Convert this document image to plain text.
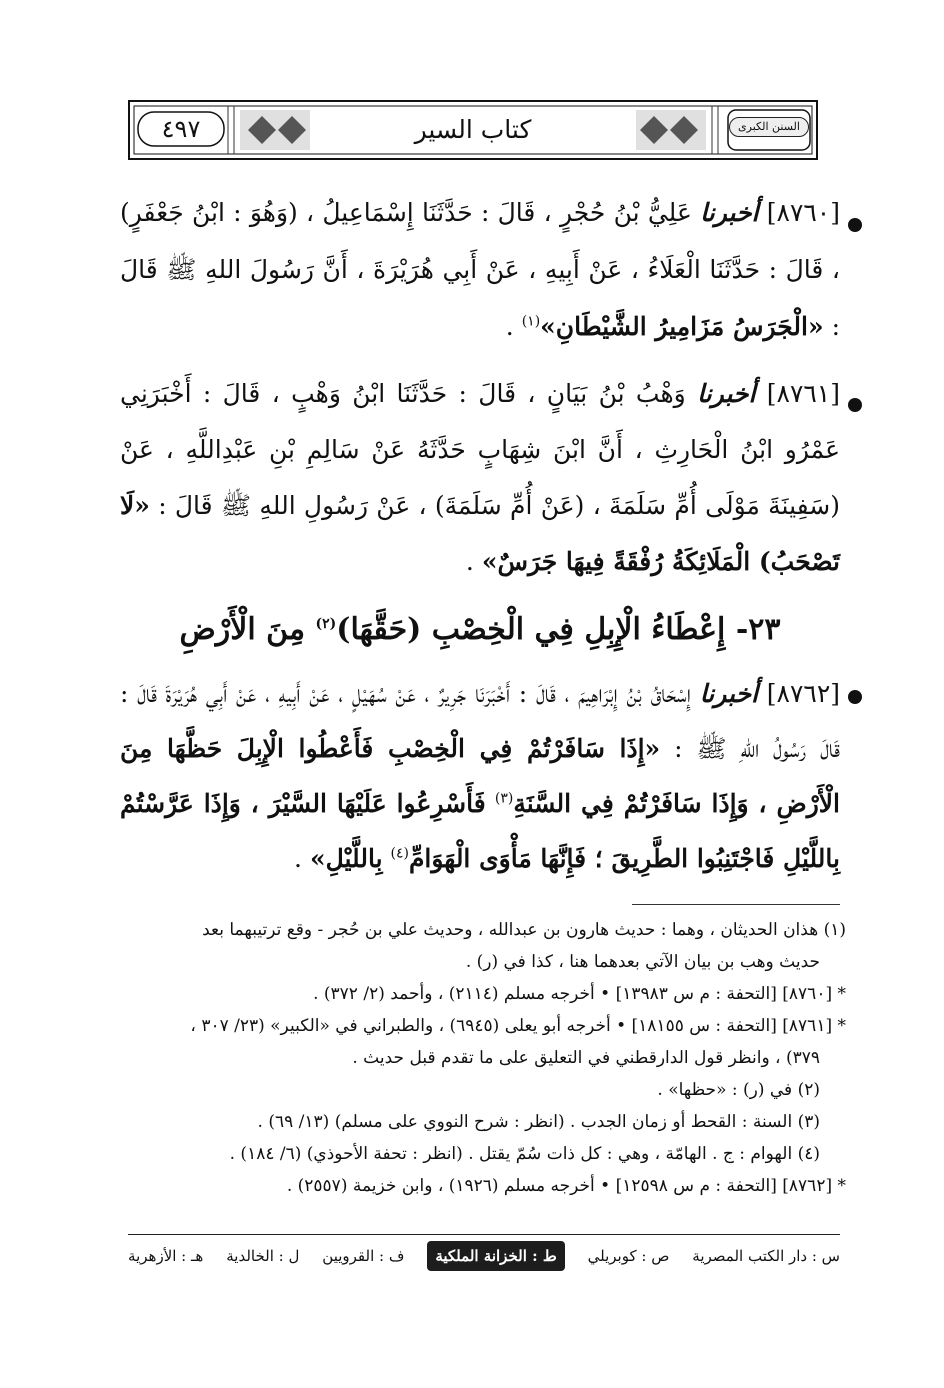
٤٩٧	كتاب السير	السنن الكبرى

[٨٧٦٠] أخبرنا عَلِيُّ بْنُ حُجْرٍ ، قَالَ : حَدَّثَنَا إِسْمَاعِيلُ ، (وَهُوَ : ابْنُ جَعْفَرٍ) ، قَالَ : حَدَّثَنَا الْعَلَاءُ ، عَنْ أَبِيهِ ، عَنْ أَبِي هُرَيْرَةَ ، أَنَّ رَسُولَ اللهِ ﷺ قَالَ : «الْجَرَسُ مَزَامِيرُ الشَّيْطَانِ»$^{(١)}$ .

[٨٧٦١] أخبرنا وَهْبُ بْنُ بَيَانٍ ، قَالَ : حَدَّثَنَا ابْنُ وَهْبٍ ، قَالَ : أَخْبَرَنِي عَمْرُو ابْنُ الْحَارِثِ ، أَنَّ ابْنَ شِهَابٍ حَدَّثَهُ عَنْ سَالِمِ بْنِ عَبْدِاللَّهِ ، عَنْ (سَفِينَةَ مَوْلَى أُمِّ سَلَمَةَ ، (عَنْ أُمِّ سَلَمَةَ) ، عَنْ رَسُولِ اللهِ ﷺ قَالَ : «لَا تَصْحَبُ) الْمَلَائِكَةُ رُفْقَةً فِيهَا جَرَسٌ» .

٢٣- إِعْطَاءُ الْإِبِلِ فِي الْخِصْبِ (حَقَّهَا)$^{(٢)}$ مِنَ الْأَرْضِ

[٨٧٦٢] أخبرنا إِسْحَاقُ بْنُ إِبْرَاهِيمَ ، قَالَ : أَخْبَرَنَا جَرِيرٌ ، عَنْ سُهَيْلٍ ، عَنْ أَبِيهِ ، عَنْ أَبِي هُرَيْرَةَ قَالَ : قَالَ رَسُولُ اللهِ ﷺ : «إِذَا سَافَرْتُمْ فِي الْخِصْبِ فَأَعْطُوا الْإِبِلَ حَظَّهَا مِنَ الْأَرْضِ ، وَإِذَا سَافَرْتُمْ فِي السَّنَةِ$^{(٣)}$ فَأَسْرِعُوا عَلَيْهَا السَّيْرَ ، وَإِذَا عَرَّسْتُمْ بِاللَّيْلِ فَاجْتَنِبُوا الطَّرِيقَ ؛ فَإِنَّهَا مَأْوَى الْهَوَامِّ$^{(٤)}$ بِاللَّيْلِ» .

(١) هذان الحديثان ، وهما : حديث هارون بن عبدالله ، وحديث علي بن حُجر - وقع ترتيبهما بعد

حديث وهب بن بيان الآتي بعدهما هنا ، كذا في (ر) .

* [٨٧٦٠] [التحفة : م س ١٣٩٨٣] • أخرجه مسلم (٢١١٤) ، وأحمد (٢/ ٣٧٢) .

* [٨٧٦١] [التحفة : س ١٨١٥٥] • أخرجه أبو يعلى (٦٩٤٥) ، والطبراني في «الكبير» (٢٣/ ٣٠٧ ،

٣٧٩) ، وانظر قول الدارقطني في التعليق على ما تقدم قبل حديث .

(٢) في (ر) : «حظها» .

(٣) السنة : القحط أو زمان الجدب . (انظر : شرح النووي على مسلم) (١٣/ ٦٩) .

(٤) الهوام : ج . الهامّة ، وهي : كل ذات سُمّ يقتل . (انظر : تحفة الأحوذي) (٦/ ١٨٤) .

* [٨٧٦٢] [التحفة : م س ١٢٥٩٨] • أخرجه مسلم (١٩٢٦) ، وابن خزيمة (٢٥٥٧) .

س : دار الكتب المصرية
ص : كوبريلي
ط : الخزانة الملكية
ف : القرويين
ل : الخالدية
هـ : الأزهرية
